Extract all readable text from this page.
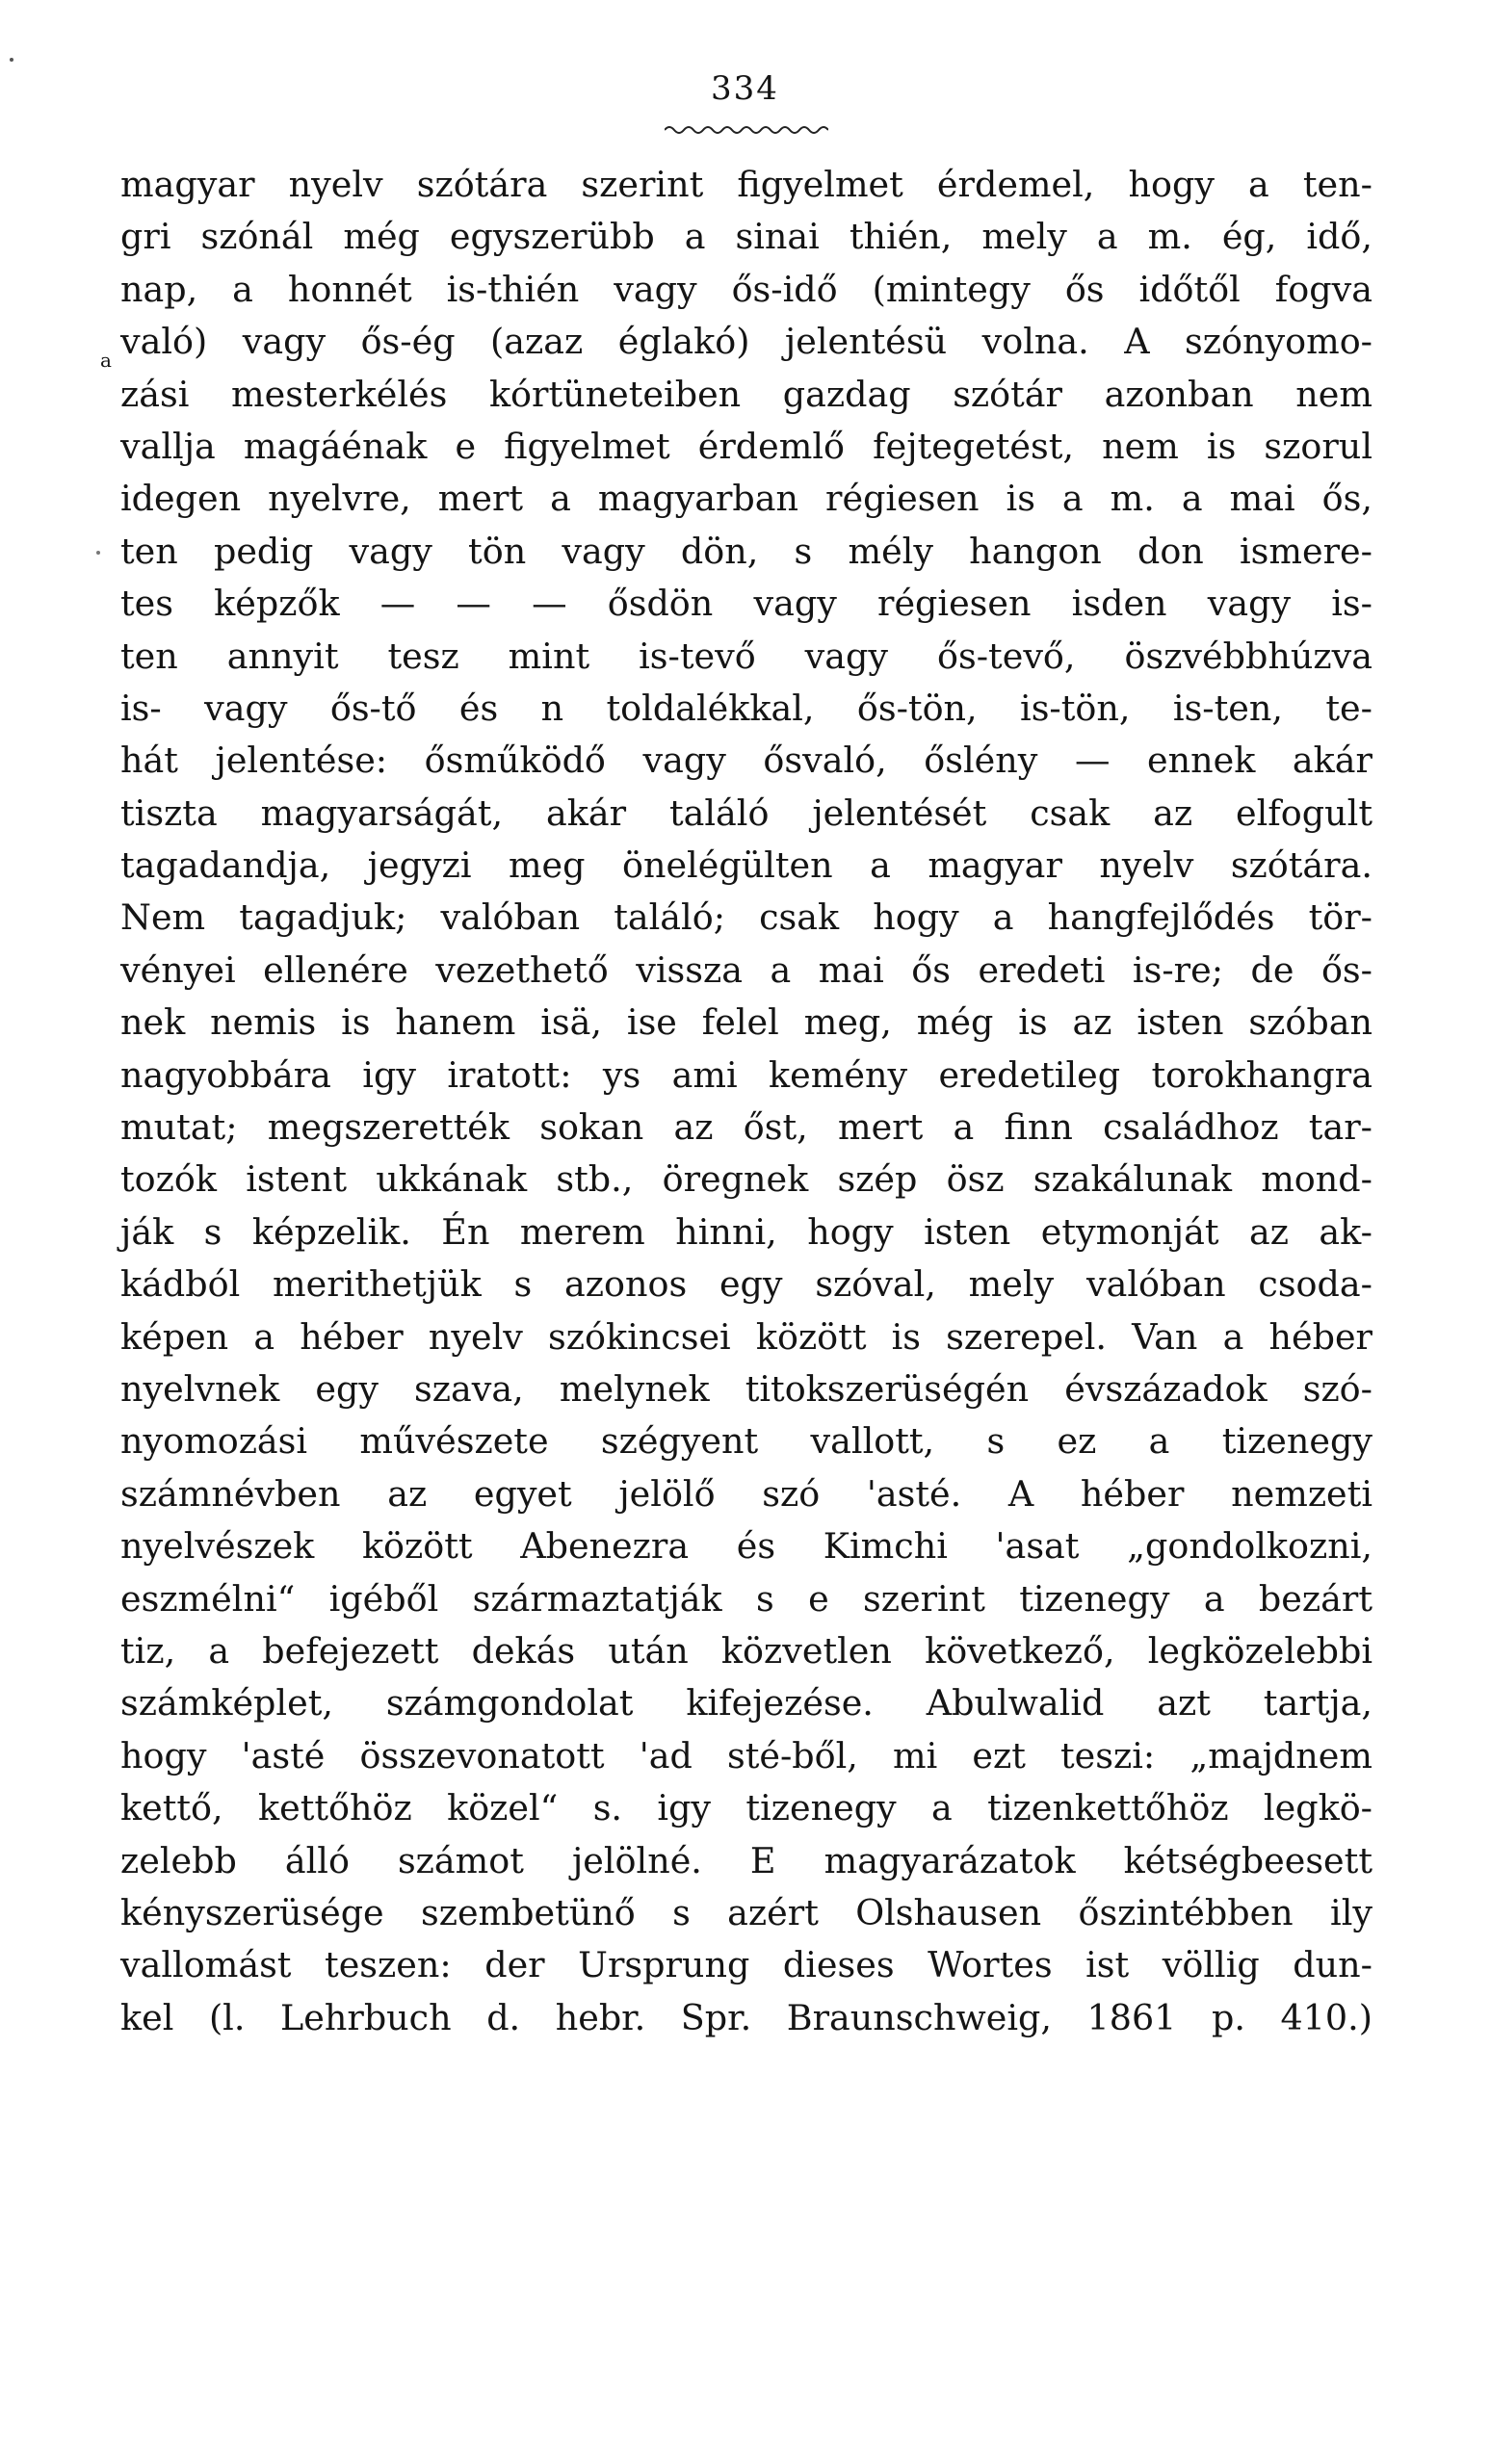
334
a
magyar nyelv szótára szerint figyelmet érdemel, hogy a ten-
gri szónál még egyszerübb a sinai thién, mely a m. ég, idő,
nap, a honnét is-thién vagy ős-idő (mintegy ős időtől fogva
való) vagy ős-ég (azaz églakó) jelentésü volna. A szónyomo-
zási mesterkélés kórtüneteiben gazdag szótár azonban nem
vallja magáénak e figyelmet érdemlő fejtegetést, nem is szorul
idegen nyelvre, mert a magyarban régiesen is a m. a mai ős,
ten pedig vagy tön vagy dön, s mély hangon don ismere-
tes képzők — — — ősdön vagy régiesen isden vagy is-
ten annyit tesz mint is-tevő vagy ős-tevő, öszvébbhúzva
is- vagy ős-tő és n toldalékkal, ős-tön, is-tön, is-ten, te-
hát jelentése: ősműködő vagy ősvaló, őslény — ennek akár
tiszta magyarságát, akár találó jelentését csak az elfogult
tagadandja, jegyzi meg önelégülten a magyar nyelv szótára.
Nem tagadjuk; valóban találó; csak hogy a hangfejlődés tör-
vényei ellenére vezethető vissza a mai ős eredeti is-re; de ős-
nek nemis is hanem isä, ise felel meg, még is az isten szóban
nagyobbára igy iratott: ys ami kemény eredetileg torokhangra
mutat; megszerették sokan az őst, mert a finn családhoz tar-
tozók istent ukkának stb., öregnek szép ösz szakálunak mond-
ják s képzelik. Én merem hinni, hogy isten etymonját az ak-
kádból merithetjük s azonos egy szóval, mely valóban csoda-
képen a héber nyelv szókincsei között is szerepel. Van a héber
nyelvnek egy szava, melynek titokszerüségén évszázadok szó-
nyomozási művészete szégyent vallott, s ez a tizenegy
számnévben az egyet jelölő szó 'asté. A héber nemzeti
nyelvészek között Abenezra és Kimchi 'asat „gondolkozni,
eszmélni“ igéből származtatják s e szerint tizenegy a bezárt
tiz, a befejezett dekás után közvetlen következő, legközelebbi
számképlet, számgondolat kifejezése. Abulwalid azt tartja,
hogy 'asté összevonatott 'ad sté-ből, mi ezt teszi: „majdnem
kettő, kettőhöz közel“ s. igy tizenegy a tizenkettőhöz legkö-
zelebb álló számot jelölné. E magyarázatok kétségbeesett
kényszerüsége szembetünő s azért Olshausen őszintébben ily
vallomást teszen: der Ursprung dieses Wortes ist völlig dun-
kel (l. Lehrbuch d. hebr. Spr. Braunschweig, 1861 p. 410.)
